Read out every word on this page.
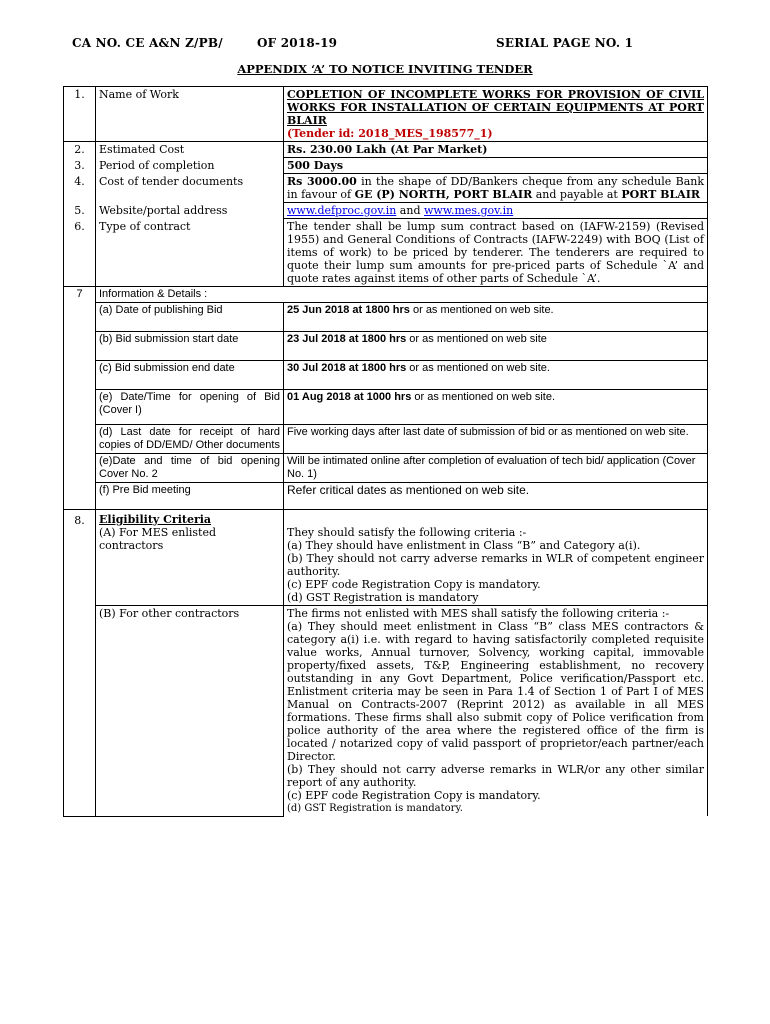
CA NO. CE A&N Z/PB/	OF 2018-19	SERIAL PAGE NO. 1
APPENDIX ‘A’ TO NOTICE INVITING TENDER
1.	Name of Work	COPLETION OF INCOMPLETE WORKS FOR PROVISION OF CIVIL WORKS FOR INSTALLATION OF CERTAIN EQUIPMENTS AT PORT BLAIR
(Tender id: 2018_MES_198577_1)
2.	Estimated Cost	Rs. 230.00 Lakh (At Par Market)
3.	Period of completion	500 Days
4.	Cost of tender documents	Rs 3000.00 in the shape of DD/Bankers cheque from any schedule Bank in favour of GE (P) NORTH, PORT BLAIR and payable at PORT BLAIR
5.	Website/portal address	www.defproc.gov.in and www.mes.gov.in
6.	Type of contract	The tender shall be lump sum contract based on (IAFW-2159) (Revised 1955) and General Conditions of Contracts (IAFW-2249) with BOQ (List of items of work) to be priced by tenderer. The tenderers are required to quote their lump sum amounts for pre-priced parts of Schedule `A’ and quote rates against items of other parts of Schedule `A’.
7	Information & Details :	
	(a) Date of publishing Bid	25 Jun 2018 at 1800 hrs or as mentioned on web site.
	(b) Bid submission start date	23 Jul 2018 at 1800 hrs or as mentioned on web site
	(c) Bid submission end date	30 Jul 2018 at 1800 hrs or as mentioned on web site.
	(e) Date/Time for opening of Bid (Cover I)	01 Aug 2018 at 1000 hrs or as mentioned on web site.
	(d) Last date for receipt of hard copies of DD/EMD/ Other documents	Five working days after last date of submission of bid or as mentioned on web site.
	(e)Date and time of bid opening Cover No. 2	Will be intimated online after completion of evaluation of tech bid/ application (Cover No. 1)
	(f) Pre Bid meeting	Refer critical dates as mentioned on web site.
8.	Eligibility Criteria
(A) For MES enlisted contractors	They should satisfy the following criteria :-
(a) They should have enlistment in Class “B” and Category a(i).
(b) They should not carry adverse remarks in WLR of competent engineer authority.
(c) EPF code Registration Copy is mandatory.
(d) GST Registration is mandatory

	(B) For other contractors	The firms not enlisted with MES shall satisfy the following criteria :-
(a) They should meet enlistment in Class “B” class MES contractors & category a(i) i.e. with regard to having satisfactorily completed requisite value works, Annual turnover, Solvency, working capital, immovable property/fixed assets, T&P, Engineering establishment, no recovery outstanding in any Govt Department, Police verification/Passport etc. Enlistment criteria may be seen in Para 1.4 of Section 1 of Part I of MES Manual on Contracts-2007 (Reprint 2012) as available in all MES formations. These firms shall also submit copy of Police verification from police authority of the area where the registered office of the firm is located / notarized copy of valid passport of proprietor/each partner/each Director.
(b) They should not carry adverse remarks in WLR/or any other similar report of any authority.
(c) EPF code Registration Copy is mandatory.
(d) GST Registration is mandatory.
